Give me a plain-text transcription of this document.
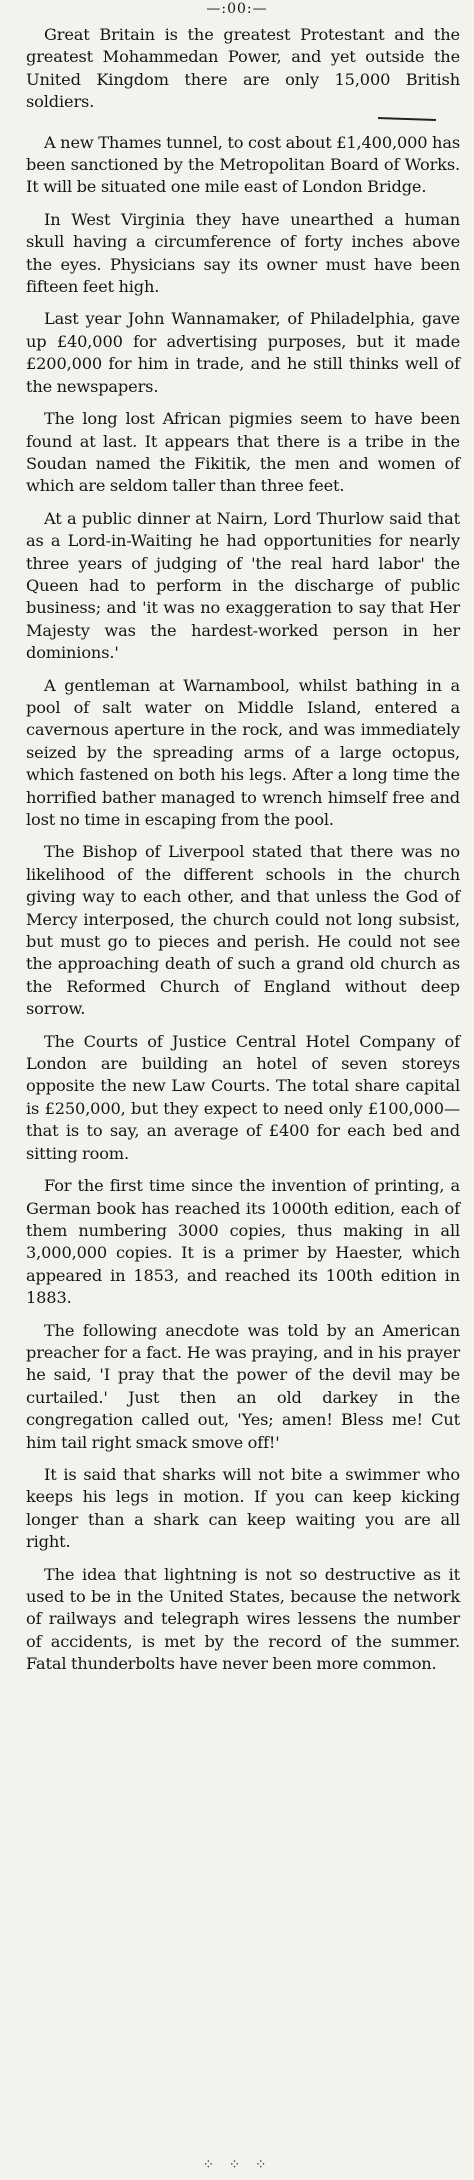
—:00:—

Great Britain is the greatest Protestant and the greatest Mohammedan Power, and yet outside the United Kingdom there are only 15,000 British soldiers.

A new Thames tunnel, to cost about £1,400,000 has been sanctioned by the Metropolitan Board of Works. It will be situated one mile east of London Bridge.

In West Virginia they have unearthed a human skull having a circumference of forty inches above the eyes. Physicians say its owner must have been fifteen feet high.

Last year John Wannamaker, of Philadelphia, gave up £40,000 for advertising purposes, but it made £200,000 for him in trade, and he still thinks well of the newspapers.

The long lost African pigmies seem to have been found at last. It appears that there is a tribe in the Soudan named the Fikitik, the men and women of which are seldom taller than three feet.

At a public dinner at Nairn, Lord Thurlow said that as a Lord-in-Waiting he had opportunities for nearly three years of judging of 'the real hard labor' the Queen had to perform in the discharge of public business; and 'it was no exaggeration to say that Her Majesty was the hardest-worked person in her dominions.'

A gentleman at Warnambool, whilst bathing in a pool of salt water on Middle Island, entered a cavernous aperture in the rock, and was immediately seized by the spreading arms of a large octopus, which fastened on both his legs. After a long time the horrified bather managed to wrench himself free and lost no time in escaping from the pool.

The Bishop of Liverpool stated that there was no likelihood of the different schools in the church giving way to each other, and that unless the God of Mercy interposed, the church could not long subsist, but must go to pieces and perish. He could not see the approaching death of such a grand old church as the Reformed Church of England without deep sorrow.

The Courts of Justice Central Hotel Company of London are building an hotel of seven storeys opposite the new Law Courts. The total share capital is £250,000, but they expect to need only £100,000—that is to say, an average of £400 for each bed and sitting room.

For the first time since the invention of printing, a German book has reached its 1000th edition, each of them numbering 3000 copies, thus making in all 3,000,000 copies. It is a primer by Haester, which appeared in 1853, and reached its 100th edition in 1883.

The following anecdote was told by an American preacher for a fact. He was praying, and in his prayer he said, 'I pray that the power of the devil may be curtailed.' Just then an old darkey in the congregation called out, 'Yes; amen! Bless me! Cut him tail right smack smove off!'

It is said that sharks will not bite a swimmer who keeps his legs in motion. If you can keep kicking longer than a shark can keep waiting you are all right.

The idea that lightning is not so destructive as it used to be in the United States, because the network of railways and telegraph wires lessens the number of accidents, is met by the record of the summer. Fatal thunderbolts have never been more common.

⁘ ⁘ ⁘
